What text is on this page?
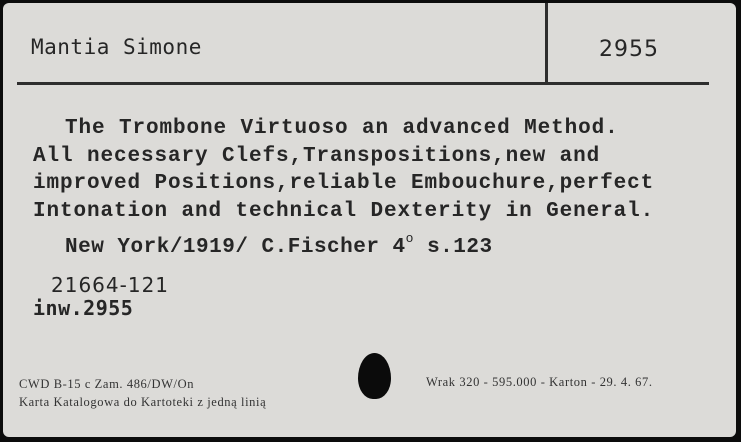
Mantia Simone	2955
The Trombone Virtuoso an advanced Method.
All necessary Clefs,Transpositions,new and
improved Positions,reliable Embouchure,perfect
Intonation and technical Dexterity in General.
New York/1919/ C.Fischer 4$^o$ s.123
21664-121
inw.2955
CWD B-15 c Zam. 486/DW/On
Karta Katalogowa do Kartoteki z jedną linią
Wrak 320 - 595.000 - Karton - 29. 4. 67.
